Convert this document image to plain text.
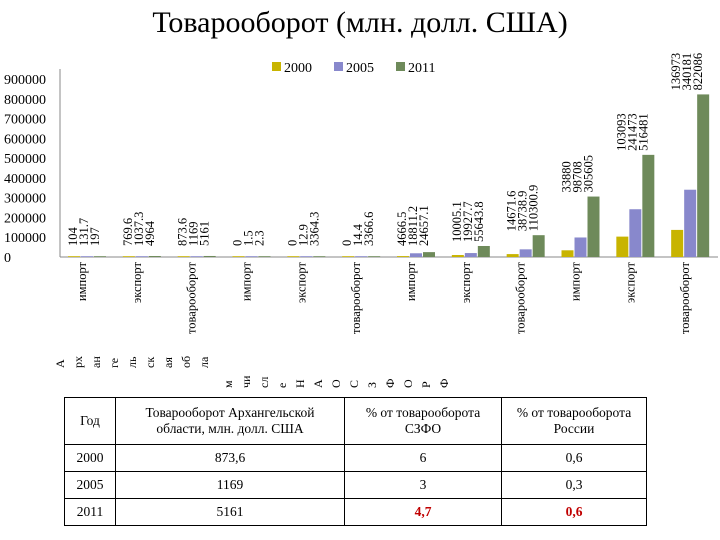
Товарооборот (млн. долл. США)
900000
800000
700000
600000
500000
400000
300000
200000
100000
0
2000 2005 2011
104
131.7
197
импорт
769.6
1037.3
4964
экспорт
873.6
1169
5161
товарооборот
0
1.5
2.3
импорт
0
12.9
3364.3
экспорт
0
14.4
3366.6
товарооборот
4666.5
18811.2
24657.1
импорт
10005.1
19927.7
55643.8
экспорт
14671.6
38738.9
110300.9
товарооборот
33880
98708
305605
импорт
103093
241473
516481
экспорт
136973
340181
822086
товарооборот
А рх ан ге ль ск ая об ла
м чи сл е Н А О С З Ф О Р Ф
Год	Товарооборот Архангельской области, млн. долл. США	% от товарооборота СЗФО	% от товарооборота России
2000	873,6	6	0,6
2005	1169	3	0,3
2011	5161	4,7	0,6
